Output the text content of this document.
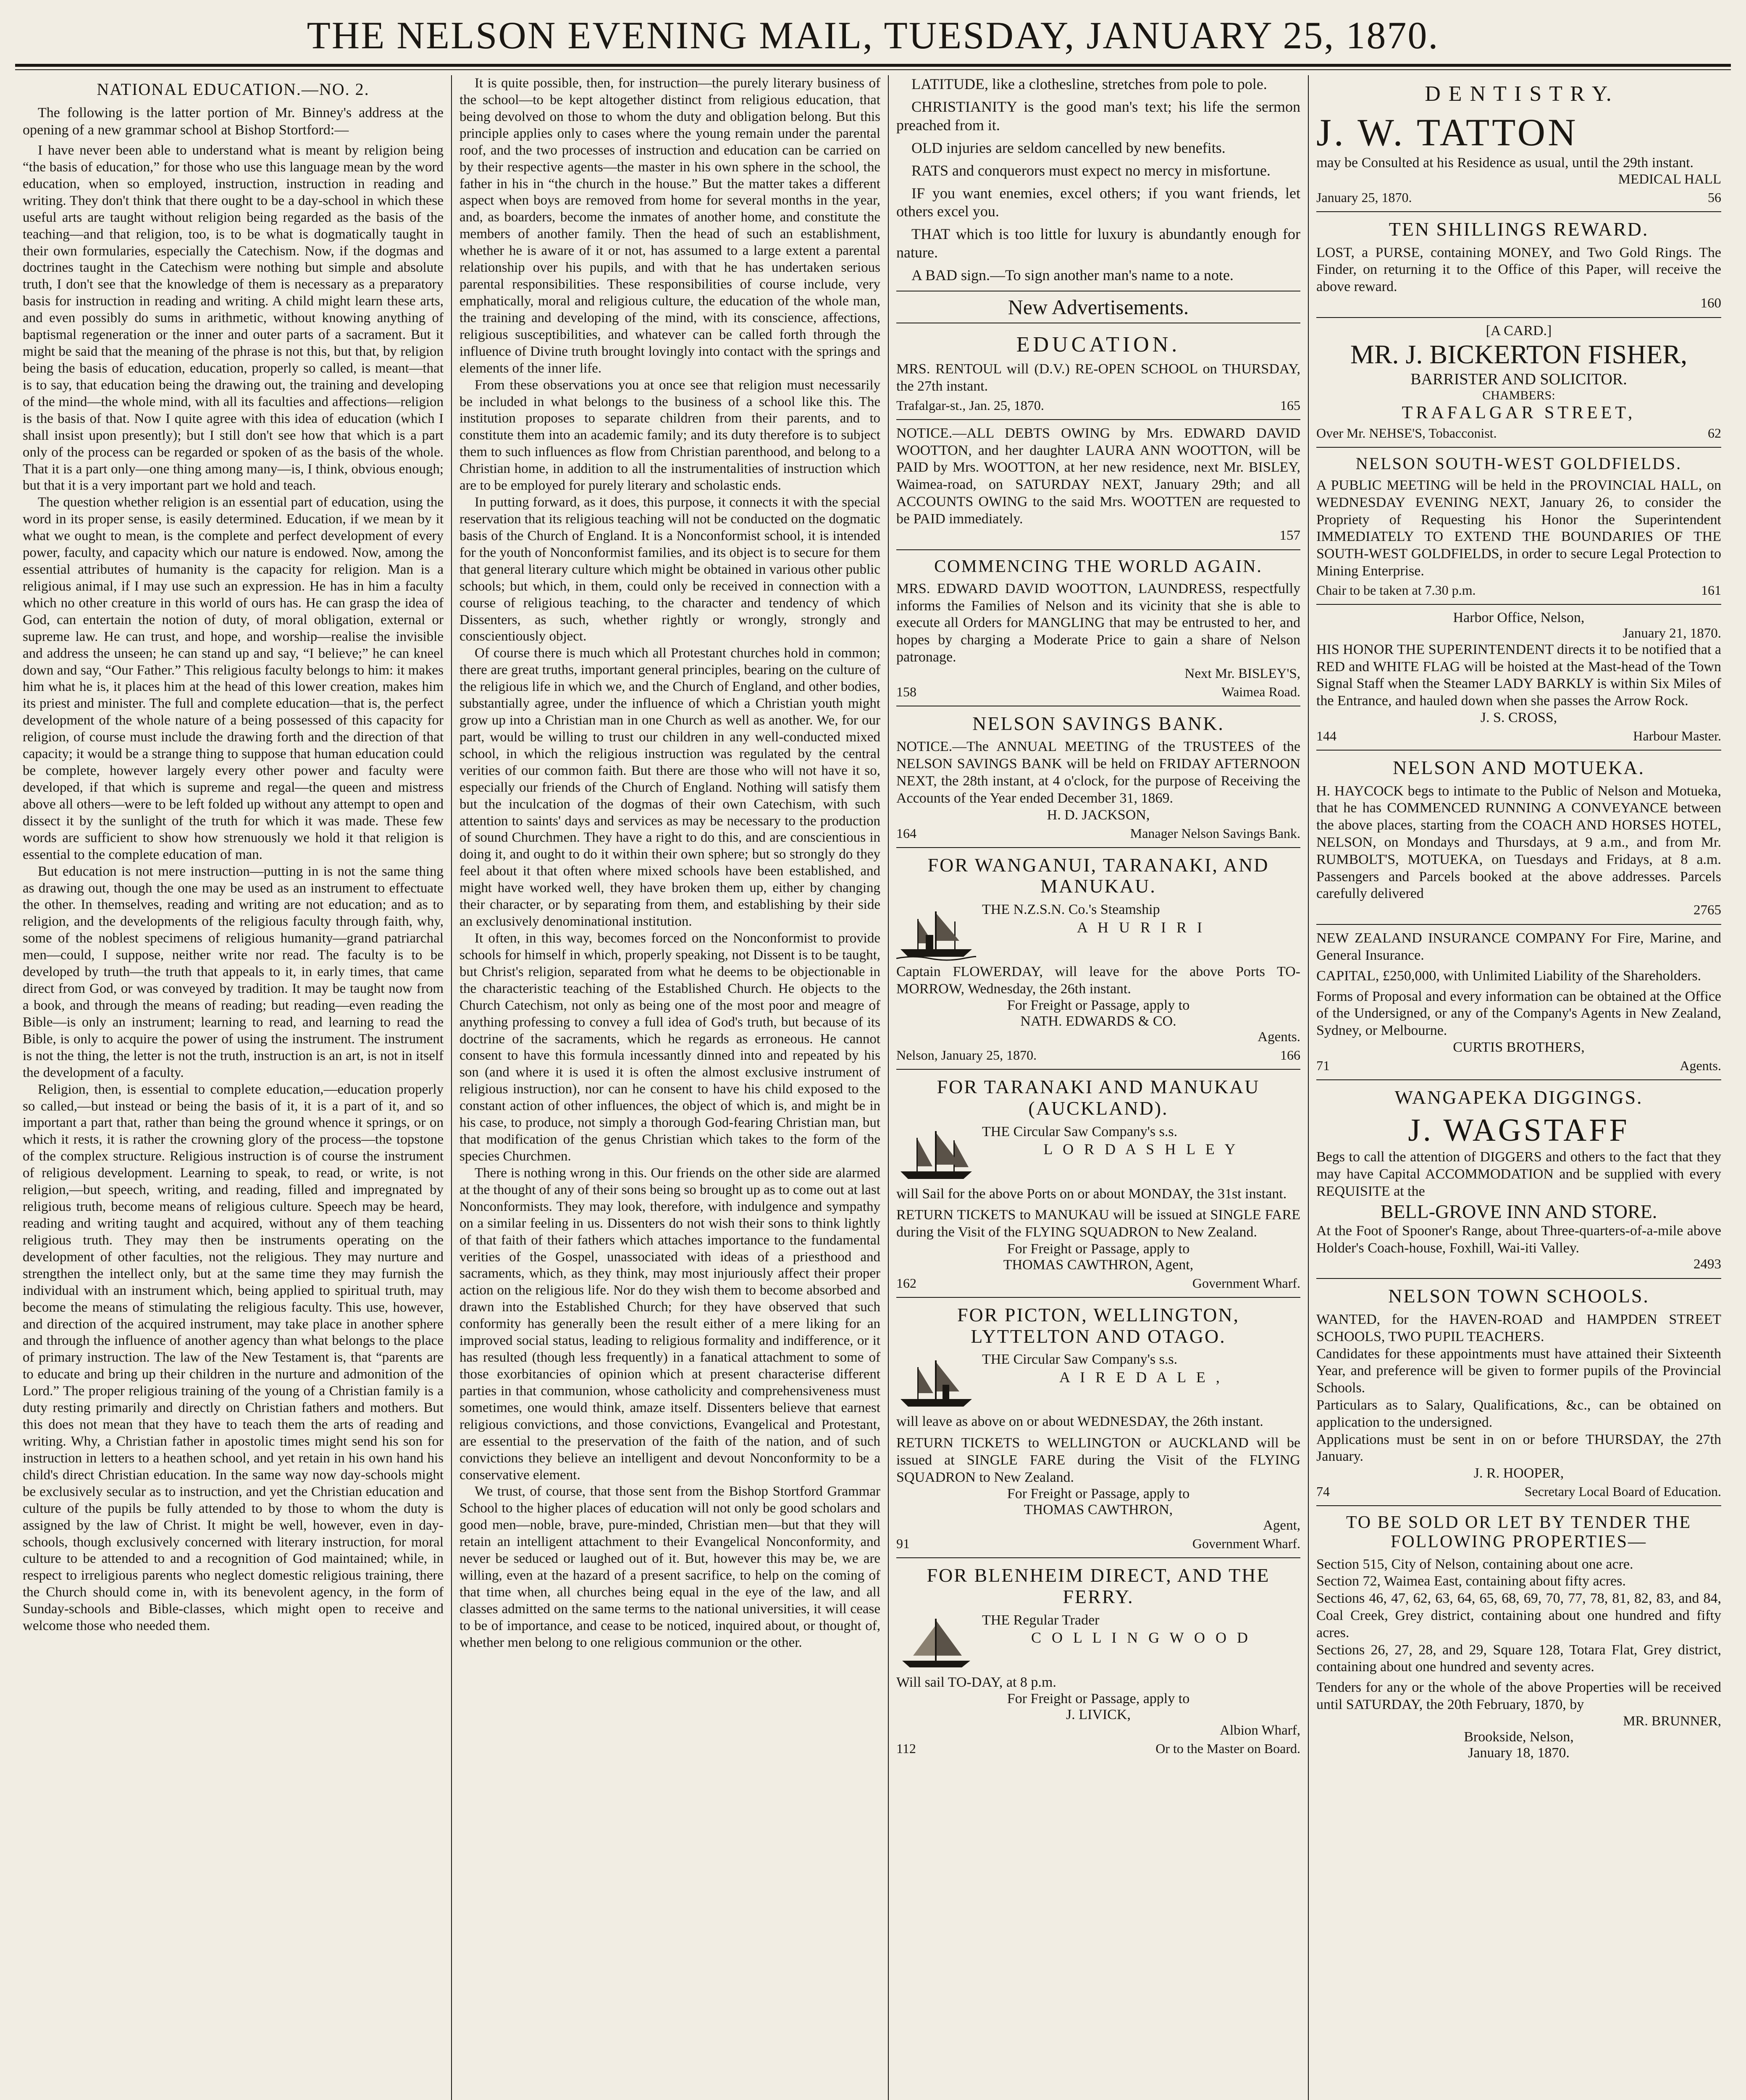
THE NELSON EVENING MAIL, TUESDAY, JANUARY 25, 1870.
NATIONAL EDUCATION.—NO. 2.
The following is the latter portion of Mr. Binney's address at the opening of a new grammar school at Bishop Stortford:—

I have never been able to understand what is meant by religion being “the basis of education,” for those who use this language mean by the word education, when so employed, instruction, instruction in reading and writing. They don't think that there ought to be a day-school in which these useful arts are taught without religion being regarded as the basis of the teaching—and that religion, too, is to be what is dogmatically taught in their own formularies, especially the Catechism. Now, if the dogmas and doctrines taught in the Catechism were nothing but simple and absolute truth, I don't see that the knowledge of them is necessary as a preparatory basis for instruction in reading and writing. A child might learn these arts, and even possibly do sums in arithmetic, without knowing anything of baptismal regeneration or the inner and outer parts of a sacrament. But it might be said that the meaning of the phrase is not this, but that, by religion being the basis of education, education, properly so called, is meant—that is to say, that education being the drawing out, the training and developing of the mind—the whole mind, with all its faculties and affections—religion is the basis of that. Now I quite agree with this idea of education (which I shall insist upon presently); but I still don't see how that which is a part only of the process can be regarded or spoken of as the basis of the whole. That it is a part only—one thing among many—is, I think, obvious enough; but that it is a very important part we hold and teach.

The question whether religion is an essential part of education, using the word in its proper sense, is easily determined. Education, if we mean by it what we ought to mean, is the complete and perfect development of every power, faculty, and capacity which our nature is endowed. Now, among the essential attributes of humanity is the capacity for religion. Man is a religious animal, if I may use such an expression. He has in him a faculty which no other creature in this world of ours has. He can grasp the idea of God, can entertain the notion of duty, of moral obligation, external or supreme law. He can trust, and hope, and worship—realise the invisible and address the unseen; he can stand up and say, “I believe;” he can kneel down and say, “Our Father.” This religious faculty belongs to him: it makes him what he is, it places him at the head of this lower creation, makes him its priest and minister. The full and complete education—that is, the perfect development of the whole nature of a being possessed of this capacity for religion, of course must include the drawing forth and the direction of that capacity; it would be a strange thing to suppose that human education could be complete, however largely every other power and faculty were developed, if that which is supreme and regal—the queen and mistress above all others—were to be left folded up without any attempt to open and dissect it by the sunlight of the truth for which it was made. These few words are sufficient to show how strenuously we hold it that religion is essential to the complete education of man.

But education is not mere instruction—putting in is not the same thing as drawing out, though the one may be used as an instrument to effectuate the other. In themselves, reading and writing are not education; and as to religion, and the developments of the religious faculty through faith, why, some of the noblest specimens of religious humanity—grand patriarchal men—could, I suppose, neither write nor read. The faculty is to be developed by truth—the truth that appeals to it, in early times, that came direct from God, or was conveyed by tradition. It may be taught now from a book, and through the means of reading; but reading—even reading the Bible—is only an instrument; learning to read, and learning to read the Bible, is only to acquire the power of using the instrument. The instrument is not the thing, the letter is not the truth, instruction is an art, is not in itself the development of a faculty.

Religion, then, is essential to complete education,—education properly so called,—but instead or being the basis of it, it is a part of it, and so important a part that, rather than being the ground whence it springs, or on which it rests, it is rather the crowning glory of the process—the topstone of the complex structure. Religious instruction is of course the instrument of religious development. Learning to speak, to read, or write, is not religion,—but speech, writing, and reading, filled and impregnated by religious truth, become means of religious culture. Speech may be heard, reading and writing taught and acquired, without any of them teaching religious truth. They may then be instruments operating on the development of other faculties, not the religious. They may nurture and strengthen the intellect only, but at the same time they may furnish the individual with an instrument which, being applied to spiritual truth, may become the means of stimulating the religious faculty. This use, however, and direction of the acquired instrument, may take place in another sphere and through the influence of another agency than what belongs to the place of primary instruction. The law of the New Testament is, that “parents are to educate and bring up their children in the nurture and admonition of the Lord.” The proper religious training of the young of a Christian family is a duty resting primarily and directly on Christian fathers and mothers. But this does not mean that they have to teach them the arts of reading and writing. Why, a Christian father in apostolic times might send his son for instruction in letters to a heathen school, and yet retain in his own hand his child's direct Christian education. In the same way now day-schools might be exclusively secular as to instruction, and yet the Christian education and culture of the pupils be fully attended to by those to whom the duty is assigned by the law of Christ. It might be well, however, even in day-schools, though exclusively concerned with literary instruction, for moral culture to be attended to and a recognition of God maintained; while, in respect to irreligious parents who neglect domestic religious training, there the Church should come in, with its benevolent agency, in the form of Sunday-schools and Bible-classes, which might open to receive and welcome those who needed them.

It is quite possible, then, for instruction—the purely literary business of the school—to be kept altogether distinct from religious education, that being devolved on those to whom the duty and obligation belong. But this principle applies only to cases where the young remain under the parental roof, and the two processes of instruction and education can be carried on by their respective agents—the master in his own sphere in the school, the father in his in “the church in the house.” But the matter takes a different aspect when boys are removed from home for several months in the year, and, as boarders, become the inmates of another home, and constitute the members of another family. Then the head of such an establishment, whether he is aware of it or not, has assumed to a large extent a parental relationship over his pupils, and with that he has undertaken serious parental responsibilities. These responsibilities of course include, very emphatically, moral and religious culture, the education of the whole man, the training and developing of the mind, with its conscience, affections, religious susceptibilities, and whatever can be called forth through the influence of Divine truth brought lovingly into contact with the springs and elements of the inner life.

From these observations you at once see that religion must necessarily be included in what belongs to the business of a school like this. The institution proposes to separate children from their parents, and to constitute them into an academic family; and its duty therefore is to subject them to such influences as flow from Christian parenthood, and belong to a Christian home, in addition to all the instrumentalities of instruction which are to be employed for purely literary and scholastic ends.

In putting forward, as it does, this purpose, it connects it with the special reservation that its religious teaching will not be conducted on the dogmatic basis of the Church of England. It is a Nonconformist school, it is intended for the youth of Nonconformist families, and its object is to secure for them that general literary culture which might be obtained in various other public schools; but which, in them, could only be received in connection with a course of religious teaching, to the character and tendency of which Dissenters, as such, whether rightly or wrongly, strongly and conscientiously object.

Of course there is much which all Protestant churches hold in common; there are great truths, important general principles, bearing on the culture of the religious life in which we, and the Church of England, and other bodies, substantially agree, under the influence of which a Christian youth might grow up into a Christian man in one Church as well as another. We, for our part, would be willing to trust our children in any well-conducted mixed school, in which the religious instruction was regulated by the central verities of our common faith. But there are those who will not have it so, especially our friends of the Church of England. Nothing will satisfy them but the inculcation of the dogmas of their own Catechism, with such attention to saints' days and services as may be necessary to the production of sound Churchmen. They have a right to do this, and are conscientious in doing it, and ought to do it within their own sphere; but so strongly do they feel about it that often where mixed schools have been established, and might have worked well, they have broken them up, either by changing their character, or by separating from them, and establishing by their side an exclusively denominational institution.

It often, in this way, becomes forced on the Nonconformist to provide schools for himself in which, properly speaking, not Dissent is to be taught, but Christ's religion, separated from what he deems to be objectionable in the characteristic teaching of the Established Church. He objects to the Church Catechism, not only as being one of the most poor and meagre of anything professing to convey a full idea of God's truth, but because of its doctrine of the sacraments, which he regards as erroneous. He cannot consent to have this formula incessantly dinned into and repeated by his son (and where it is used it is often the almost exclusive instrument of religious instruction), nor can he consent to have his child exposed to the constant action of other influences, the object of which is, and might be in his case, to produce, not simply a thorough God-fearing Christian man, but that modification of the genus Christian which takes to the form of the species Churchmen.

There is nothing wrong in this. Our friends on the other side are alarmed at the thought of any of their sons being so brought up as to come out at last Nonconformists. They may look, therefore, with indulgence and sympathy on a similar feeling in us. Dissenters do not wish their sons to think lightly of that faith of their fathers which attaches importance to the fundamental verities of the Gospel, unassociated with ideas of a priesthood and sacraments, which, as they think, may most injuriously affect their proper action on the religious life. Nor do they wish them to become absorbed and drawn into the Established Church; for they have observed that such conformity has generally been the result either of a mere liking for an improved social status, leading to religious formality and indifference, or it has resulted (though less frequently) in a fanatical attachment to some of those exorbitancies of opinion which at present characterise different parties in that communion, whose catholicity and comprehensiveness must sometimes, one would think, amaze itself. Dissenters believe that earnest religious convictions, and those convictions, Evangelical and Protestant, are essential to the preservation of the faith of the nation, and of such convictions they believe an intelligent and devout Nonconformity to be a conservative element.

We trust, of course, that those sent from the Bishop Stortford Grammar School to the higher places of education will not only be good scholars and good men—noble, brave, pure-minded, Christian men—but that they will retain an intelligent attachment to their Evangelical Nonconformity, and never be seduced or laughed out of it. But, however this may be, we are willing, even at the hazard of a present sacrifice, to help on the coming of that time when, all churches being equal in the eye of the law, and all classes admitted on the same terms to the national universities, it will cease to be of importance, and cease to be noticed, inquired about, or thought of, whether men belong to one religious communion or the other.

LATITUDE, like a clothesline, stretches from pole to pole.

CHRISTIANITY is the good man's text; his life the sermon preached from it.

OLD injuries are seldom cancelled by new benefits.

RATS and conquerors must expect no mercy in misfortune.

IF you want enemies, excel others; if you want friends, let others excel you.

THAT which is too little for luxury is abundantly enough for nature.

A BAD sign.—To sign another man's name to a note.

New Advertisements.
EDUCATION.
MRS. RENTOUL will (D.V.) RE-OPEN SCHOOL on THURSDAY, the 27th instant.
Trafalgar-st., Jan. 25, 1870.	165
NOTICE.—ALL DEBTS OWING by Mrs. EDWARD DAVID WOOTTON, and her daughter LAURA ANN WOOTTON, will be PAID by Mrs. WOOTTON, at her new residence, next Mr. BISLEY, Waimea-road, on SATURDAY NEXT, January 29th; and all ACCOUNTS OWING to the said Mrs. WOOTTEN are requested to be PAID immediately.
157
COMMENCING THE WORLD AGAIN.
MRS. EDWARD DAVID WOOTTON, LAUNDRESS, respectfully informs the Families of Nelson and its vicinity that she is able to execute all Orders for MANGLING that may be entrusted to her, and hopes by charging a Moderate Price to gain a share of Nelson patronage.
Next Mr. BISLEY'S,
158	Waimea Road.
NELSON SAVINGS BANK.
NOTICE.—The ANNUAL MEETING of the TRUSTEES of the NELSON SAVINGS BANK will be held on FRIDAY AFTERNOON NEXT, the 28th instant, at 4 o'clock, for the purpose of Receiving the Accounts of the Year ended December 31, 1869.
H. D. JACKSON,
164	Manager Nelson Savings Bank.
FOR WANGANUI, TARANAKI, AND MANUKAU.
THE N.Z.S.N. Co.'s Steamship
A H U R I R I
Captain FLOWERDAY, will leave for the above Ports TO-MORROW, Wednesday, the 26th instant.
For Freight or Passage, apply to
NATH. EDWARDS & CO.
Agents.
Nelson, January 25, 1870.	166
FOR TARANAKI AND MANUKAU (AUCKLAND).
THE Circular Saw Company's s.s.
L O R D A S H L E Y
will Sail for the above Ports on or about MONDAY, the 31st instant.
RETURN TICKETS to MANUKAU will be issued at SINGLE FARE during the Visit of the FLYING SQUADRON to New Zealand.
For Freight or Passage, apply to
THOMAS CAWTHRON, Agent,
162	Government Wharf.
FOR PICTON, WELLINGTON, LYTTELTON AND OTAGO.
THE Circular Saw Company's s.s.
A I R E D A L E ,
will leave as above on or about WEDNESDAY, the 26th instant.
RETURN TICKETS to WELLINGTON or AUCKLAND will be issued at SINGLE FARE during the Visit of the FLYING SQUADRON to New Zealand.
For Freight or Passage, apply to
THOMAS CAWTHRON,
Agent,
91	Government Wharf.
FOR BLENHEIM DIRECT, AND THE FERRY.
THE Regular Trader
C O L L I N G W O O D
Will sail TO-DAY, at 8 p.m.
For Freight or Passage, apply to
J. LIVICK,
Albion Wharf,
112	Or to the Master on Board.
D E N T I S T R Y.
J. W. TATTON
may be Consulted at his Residence as usual, until the 29th instant.
MEDICAL HALL
January 25, 1870.	56
TEN SHILLINGS REWARD.
LOST, a PURSE, containing MONEY, and Two Gold Rings. The Finder, on returning it to the Office of this Paper, will receive the above reward.
160
[A CARD.]
MR. J. BICKERTON FISHER,
BARRISTER AND SOLICITOR.
CHAMBERS:
TRAFALGAR STREET,
Over Mr. NEHSE'S, Tobacconist.	62
NELSON SOUTH-WEST GOLDFIELDS.
A PUBLIC MEETING will be held in the PROVINCIAL HALL, on WEDNESDAY EVENING NEXT, January 26, to consider the Propriety of Requesting his Honor the Superintendent IMMEDIATELY TO EXTEND THE BOUNDARIES OF THE SOUTH-WEST GOLDFIELDS, in order to secure Legal Protection to Mining Enterprise.
Chair to be taken at 7.30 p.m.	161
Harbor Office, Nelson,
January 21, 1870.
HIS HONOR THE SUPERINTENDENT directs it to be notified that a RED and WHITE FLAG will be hoisted at the Mast-head of the Town Signal Staff when the Steamer LADY BARKLY is within Six Miles of the Entrance, and hauled down when she passes the Arrow Rock.
J. S. CROSS,
144	Harbour Master.
NELSON AND MOTUEKA.
H. HAYCOCK begs to intimate to the Public of Nelson and Motueka, that he has COMMENCED RUNNING A CONVEYANCE between the above places, starting from the COACH AND HORSES HOTEL, NELSON, on Mondays and Thursdays, at 9 a.m., and from Mr. RUMBOLT'S, MOTUEKA, on Tuesdays and Fridays, at 8 a.m. Passengers and Parcels booked at the above addresses. Parcels carefully delivered
2765
NEW ZEALAND INSURANCE COMPANY For Fire, Marine, and General Insurance.
CAPITAL, £250,000, with Unlimited Liability of the Shareholders.
Forms of Proposal and every information can be obtained at the Office of the Undersigned, or any of the Company's Agents in New Zealand, Sydney, or Melbourne.
CURTIS BROTHERS,
71	Agents.
WANGAPEKA DIGGINGS.
J. WAGSTAFF
Begs to call the attention of DIGGERS and others to the fact that they may have Capital ACCOMMODATION and be supplied with every REQUISITE at the
BELL-GROVE INN AND STORE.
At the Foot of Spooner's Range, about Three-quarters-of-a-mile above Holder's Coach-house, Foxhill, Wai-iti Valley.
2493
NELSON TOWN SCHOOLS.
WANTED, for the HAVEN-ROAD and HAMPDEN STREET SCHOOLS, TWO PUPIL TEACHERS.
Candidates for these appointments must have attained their Sixteenth Year, and preference will be given to former pupils of the Provincial Schools.
Particulars as to Salary, Qualifications, &c., can be obtained on application to the undersigned.
Applications must be sent in on or before THURSDAY, the 27th January.
J. R. HOOPER,
74	Secretary Local Board of Education.
TO BE SOLD OR LET BY TENDER THE FOLLOWING PROPERTIES—
Section 515, City of Nelson, containing about one acre.
Section 72, Waimea East, containing about fifty acres.
Sections 46, 47, 62, 63, 64, 65, 68, 69, 70, 77, 78, 81, 82, 83, and 84, Coal Creek, Grey district, containing about one hundred and fifty acres.
Sections 26, 27, 28, and 29, Square 128, Totara Flat, Grey district, containing about one hundred and seventy acres.
Tenders for any or the whole of the above Properties will be received until SATURDAY, the 20th February, 1870, by
MR. BRUNNER,
Brookside, Nelson,
January 18, 1870.
